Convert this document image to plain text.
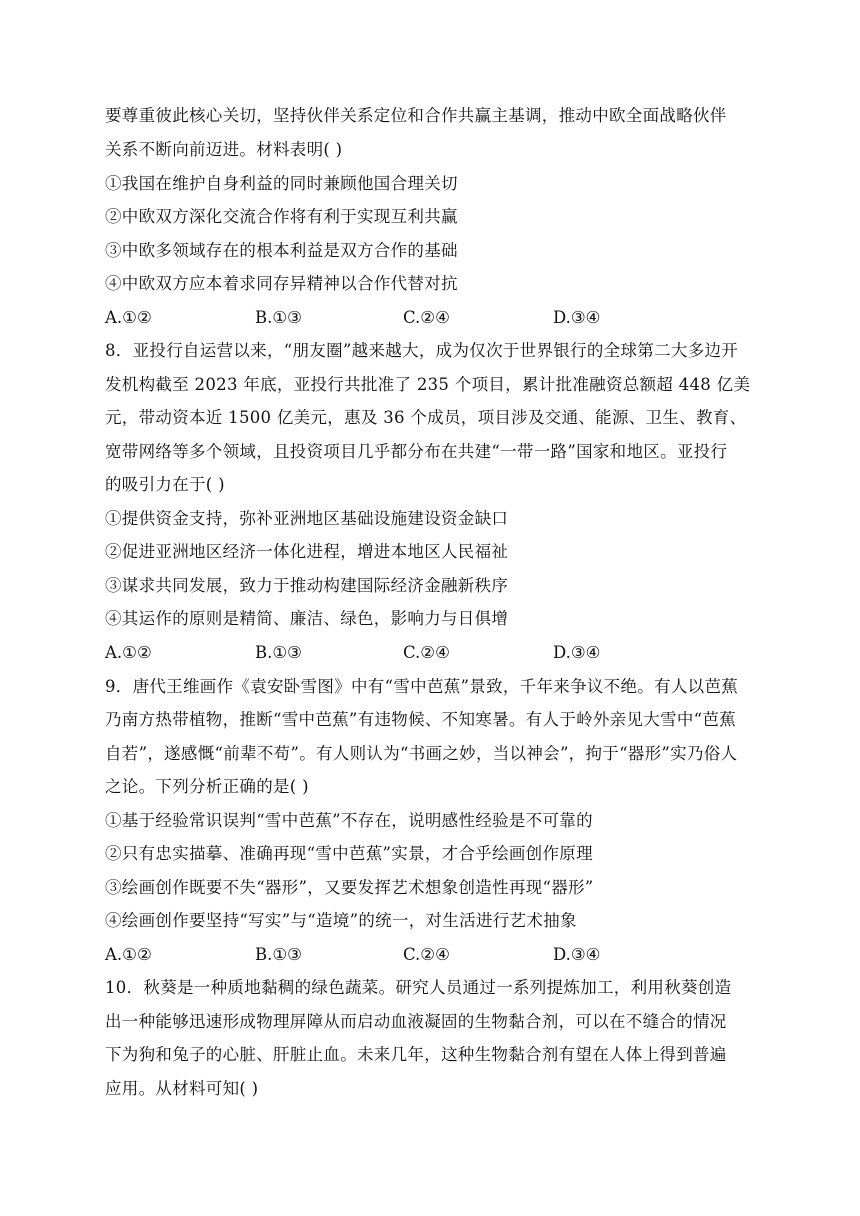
要尊重彼此核心关切，坚持伙伴关系定位和合作共赢主基调，推动中欧全面战略伙伴
关系不断向前迈进。材料表明( )
①我国在维护自身利益的同时兼顾他国合理关切
②中欧双方深化交流合作将有利于实现互利共赢
③中欧多领域存在的根本利益是双方合作的基础
④中欧双方应本着求同存异精神以合作代替对抗
A.①②	B.①③	C.②④	D.③④
8．亚投行自运营以来，“朋友圈”越来越大，成为仅次于世界银行的全球第二大多边开
发机构截至 2023 年底，亚投行共批准了 235 个项目，累计批准融资总额超 448 亿美
元，带动资本近 1500 亿美元，惠及 36 个成员，项目涉及交通、能源、卫生、教育、
宽带网络等多个领域，且投资项目几乎都分布在共建“一带一路”国家和地区。亚投行
的吸引力在于( )
①提供资金支持，弥补亚洲地区基础设施建设资金缺口
②促进亚洲地区经济一体化进程，增进本地区人民福祉
③谋求共同发展，致力于推动构建国际经济金融新秩序
④其运作的原则是精简、廉洁、绿色，影响力与日俱增
A.①②	B.①③	C.②④	D.③④
9．唐代王维画作《袁安卧雪图》中有“雪中芭蕉”景致，千年来争议不绝。有人以芭蕉
乃南方热带植物，推断“雪中芭蕉”有违物候、不知寒暑。有人于岭外亲见大雪中“芭蕉
自若”，遂感慨“前辈不苟”。有人则认为“书画之妙，当以神会”，拘于“器形”实乃俗人
之论。下列分析正确的是( )
①基于经验常识误判“雪中芭蕉”不存在，说明感性经验是不可靠的
②只有忠实描摹、准确再现“雪中芭蕉”实景，才合乎绘画创作原理
③绘画创作既要不失“器形”，又要发挥艺术想象创造性再现“器形”
④绘画创作要坚持“写实”与“造境”的统一，对生活进行艺术抽象
A.①②	B.①③	C.②④	D.③④
10．秋葵是一种质地黏稠的绿色蔬菜。研究人员通过一系列提炼加工，利用秋葵创造
出一种能够迅速形成物理屏障从而启动血液凝固的生物黏合剂，可以在不缝合的情况
下为狗和兔子的心脏、肝脏止血。未来几年，这种生物黏合剂有望在人体上得到普遍
应用。从材料可知( )
